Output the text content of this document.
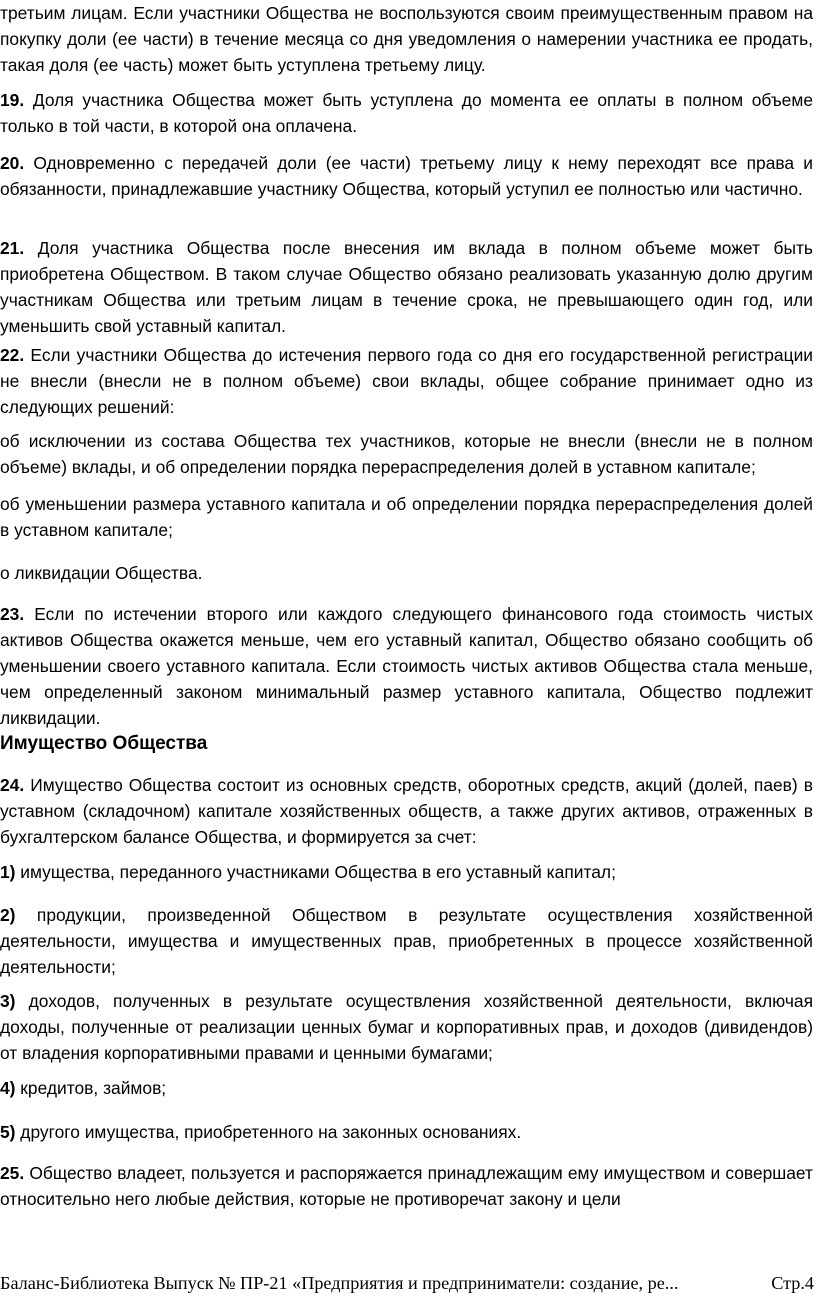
третьим лицам. Если участники Общества не воспользуются своим преимущественным правом на покупку доли (ее части) в течение месяца со дня уведомления о намерении участника ее продать, такая доля (ее часть) может быть уступлена третьему лицу.

19. Доля участника Общества может быть уступлена до момента ее оплаты в полном объеме только в той части, в которой она оплачена.

20. Одновременно с передачей доли (ее части) третьему лицу к нему переходят все права и обязанности, принадлежавшие участнику Общества, который уступил ее полностью или частично.

21. Доля участника Общества после внесения им вклада в полном объеме может быть приобретена Обществом. В таком случае Общество обязано реализовать указанную долю другим участникам Общества или третьим лицам в течение срока, не превышающего один год, или уменьшить свой уставный капитал.

22. Если участники Общества до истечения первого года со дня его государственной регистрации не внесли (внесли не в полном объеме) свои вклады, общее собрание принимает одно из следующих решений:

об исключении из состава Общества тех участников, которые не внесли (внесли не в полном объеме) вклады, и об определении порядка перераспределения долей в уставном капитале;

об уменьшении размера уставного капитала и об определении порядка перераспределения долей в уставном капитале;

о ликвидации Общества.

23. Если по истечении второго или каждого следующего финансового года стоимость чистых активов Общества окажется меньше, чем его уставный капитал, Общество обязано сообщить об уменьшении своего уставного капитала. Если стоимость чистых активов Общества стала меньше, чем определенный законом минимальный размер уставного капитала, Общество подлежит ликвидации.

Имущество Общества

24. Имущество Общества состоит из основных средств, оборотных средств, акций (долей, паев) в уставном (складочном) капитале хозяйственных обществ, а также других активов, отраженных в бухгалтерском балансе Общества, и формируется за счет:

1) имущества, переданного участниками Общества в его уставный капитал;

2) продукции, произведенной Обществом в результате осуществления хозяйственной деятельности, имущества и имущественных прав, приобретенных в процессе хозяйственной деятельности;

3) доходов, полученных в результате осуществления хозяйственной деятельности, включая доходы, полученные от реализации ценных бумаг и корпоративных прав, и доходов (дивидендов) от владения корпоративными правами и ценными бумагами;

4) кредитов, займов;

5) другого имущества, приобретенного на законных основаниях.

25. Общество владеет, пользуется и распоряжается принадлежащим ему имуществом и совершает относительно него любые действия, которые не противоречат закону и цели

Баланс-Библиотека Выпуск № ПР-21 «Предприятия и предприниматели: создание, ре...	Стр.4
